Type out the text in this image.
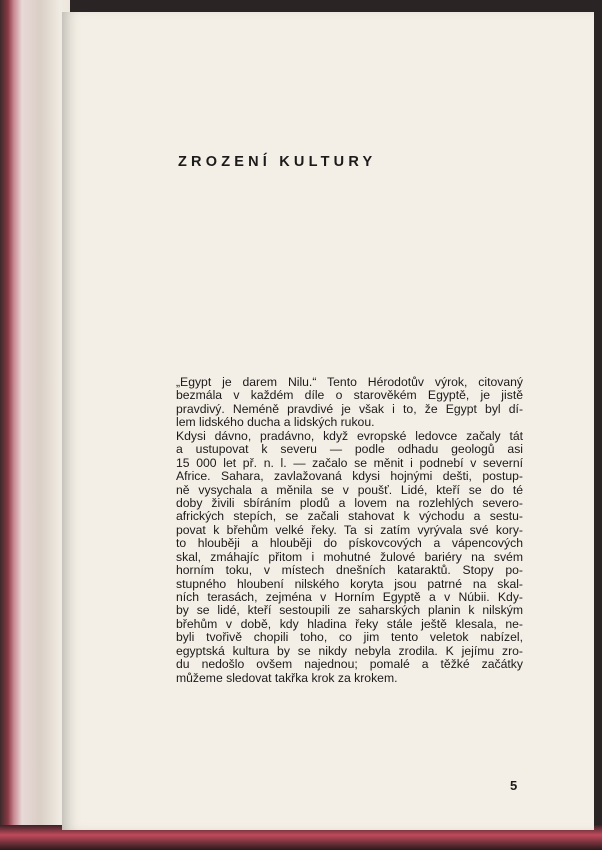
ZROZENÍ KULTURY
„Egypt je darem Nilu.“ Tento Hérodotův výrok, citovaný
bezmála v každém díle o starověkém Egyptě, je jistě
pravdivý. Neméně pravdivé je však i to, že Egypt byl dí-
lem lidského ducha a lidských rukou.
Kdysi dávno, pradávno, když evropské ledovce začaly tát
a ustupovat k severu — podle odhadu geologů asi
15 000 let př. n. l. — začalo se měnit i podnebí v severní
Africe. Sahara, zavlažovaná kdysi hojnými dešti, postup-
ně vysychala a měnila se v poušť. Lidé, kteří se do té
doby živili sbíráním plodů a lovem na rozlehlých severo-
afrických stepích, se začali stahovat k východu a sestu-
povat k břehům velké řeky. Ta si zatím vyrývala své kory-
to hlouběji a hlouběji do pískovcových a vápencových
skal, zmáhajíc přitom i mohutné žulové bariéry na svém
horním toku, v místech dnešních kataraktů. Stopy po-
stupného hloubení nilského koryta jsou patrné na skal-
ních terasách, zejména v Horním Egyptě a v Núbii. Kdy-
by se lidé, kteří sestoupili ze saharských planin k nilským
břehům v době, kdy hladina řeky stále ještě klesala, ne-
byli tvořivě chopili toho, co jim tento veletok nabízel,
egyptská kultura by se nikdy nebyla zrodila. K jejímu zro-
du nedošlo ovšem najednou; pomalé a těžké začátky
můžeme sledovat takřka krok za krokem.
5
